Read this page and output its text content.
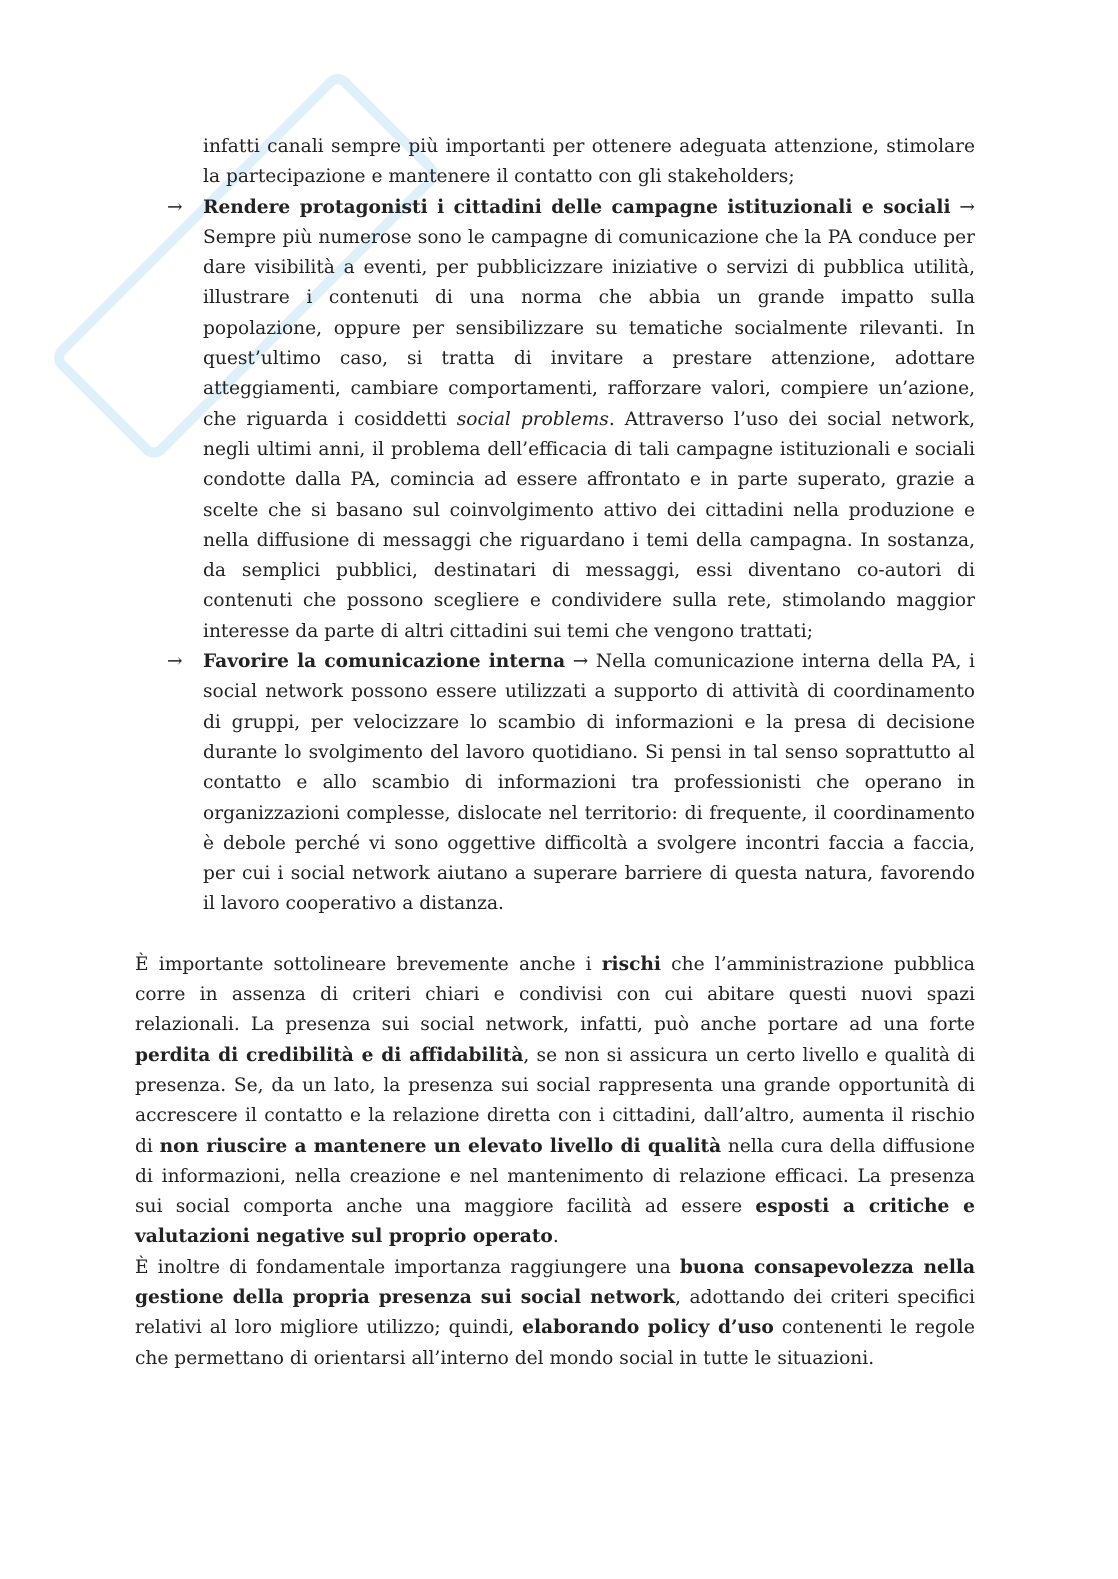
infatti canali sempre più importanti per ottenere adeguata attenzione, stimolare la partecipazione e mantenere il contatto con gli stakeholders;

→ Rendere protagonisti i cittadini delle campagne istituzionali e sociali → Sempre più numerose sono le campagne di comunicazione che la PA conduce per dare visibilità a eventi, per pubblicizzare iniziative o servizi di pubblica utilità, illustrare i contenuti di una norma che abbia un grande impatto sulla popolazione, oppure per sensibilizzare su tematiche socialmente rilevanti. In quest’ultimo caso, si tratta di invitare a prestare attenzione, adottare atteggiamenti, cambiare comportamenti, rafforzare valori, compiere un’azione, che riguarda i cosiddetti social problems. Attraverso l’uso dei social network, negli ultimi anni, il problema dell’efficacia di tali campagne istituzionali e sociali condotte dalla PA, comincia ad essere affrontato e in parte superato, grazie a scelte che si basano sul coinvolgimento attivo dei cittadini nella produzione e nella diffusione di messaggi che riguardano i temi della campagna. In sostanza, da semplici pubblici, destinatari di messaggi, essi diventano co-autori di contenuti che possono scegliere e condividere sulla rete, stimolando maggior interesse da parte di altri cittadini sui temi che vengono trattati;

→ Favorire la comunicazione interna → Nella comunicazione interna della PA, i social network possono essere utilizzati a supporto di attività di coordinamento di gruppi, per velocizzare lo scambio di informazioni e la presa di decisione durante lo svolgimento del lavoro quotidiano. Si pensi in tal senso soprattutto al contatto e allo scambio di informazioni tra professionisti che operano in organizzazioni complesse, dislocate nel territorio: di frequente, il coordinamento è debole perché vi sono oggettive difficoltà a svolgere incontri faccia a faccia, per cui i social network aiutano a superare barriere di questa natura, favorendo il lavoro cooperativo a distanza.

È importante sottolineare brevemente anche i rischi che l’amministrazione pubblica corre in assenza di criteri chiari e condivisi con cui abitare questi nuovi spazi relazionali. La presenza sui social network, infatti, può anche portare ad una forte perdita di credibilità e di affidabilità, se non si assicura un certo livello e qualità di presenza. Se, da un lato, la presenza sui social rappresenta una grande opportunità di accrescere il contatto e la relazione diretta con i cittadini, dall’altro, aumenta il rischio di non riuscire a mantenere un elevato livello di qualità nella cura della diffusione di informazioni, nella creazione e nel mantenimento di relazione efficaci. La presenza sui social comporta anche una maggiore facilità ad essere esposti a critiche e valutazioni negative sul proprio operato.

È inoltre di fondamentale importanza raggiungere una buona consapevolezza nella gestione della propria presenza sui social network, adottando dei criteri specifici relativi al loro migliore utilizzo; quindi, elaborando policy d’uso contenenti le regole che permettano di orientarsi all’interno del mondo social in tutte le situazioni.
